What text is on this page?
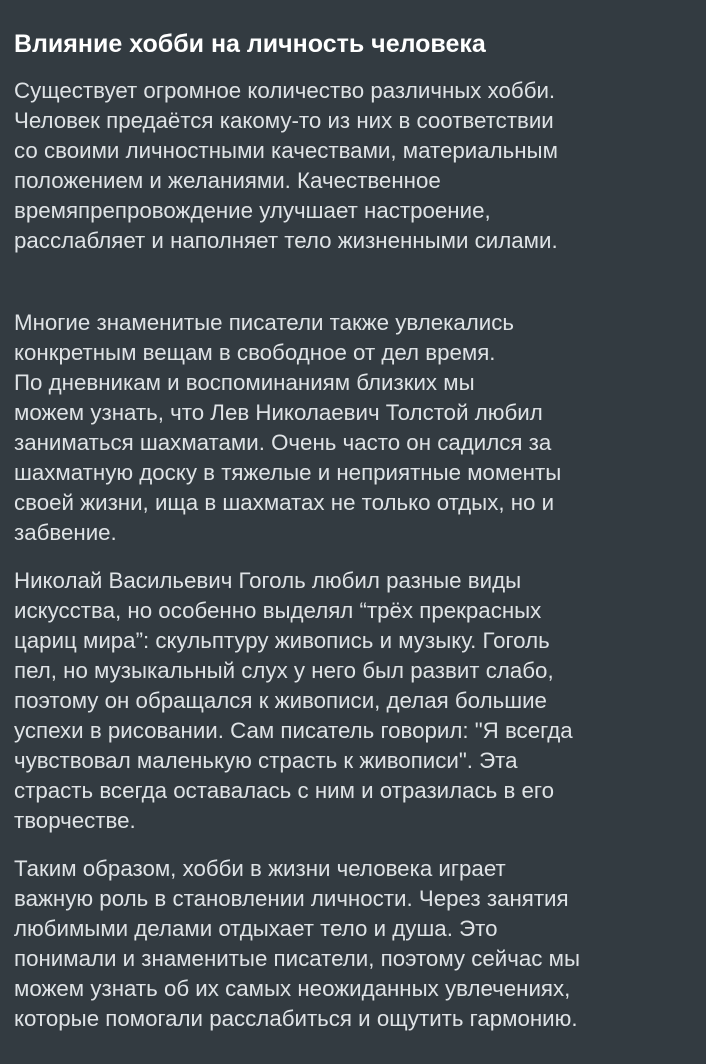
Влияние хобби на личность человека

Существует огромное количество различных хобби.
Человек предаётся какому-то из них в соответствии
со своими личностными качествами, материальным
положением и желаниями. Качественное
времяпрепровождение улучшает настроение,
расслабляет и наполняет тело жизненными силами.

Многие знаменитые писатели также увлекались
конкретным вещам в свободное от дел время.
По дневникам и воспоминаниям близких мы
можем узнать, что Лев Николаевич Толстой любил
заниматься шахматами. Очень часто он садился за
шахматную доску в тяжелые и неприятные моменты
своей жизни, ища в шахматах не только отдых, но и
забвение.

Николай Васильевич Гоголь любил разные виды
искусства, но особенно выделял “трёх прекрасных
цариц мира”: скульптуру живопись и музыку. Гоголь
пел, но музыкальный слух у него был развит слабо,
поэтому он обращался к живописи, делая большие
успехи в рисовании. Сам писатель говорил: "Я всегда
чувствовал маленькую страсть к живописи". Эта
страсть всегда оставалась с ним и отразилась в его
творчестве.

Таким образом, хобби в жизни человека играет
важную роль в становлении личности. Через занятия
любимыми делами отдыхает тело и душа. Это
понимали и знаменитые писатели, поэтому сейчас мы
можем узнать об их самых неожиданных увлечениях,
которые помогали расслабиться и ощутить гармонию.
